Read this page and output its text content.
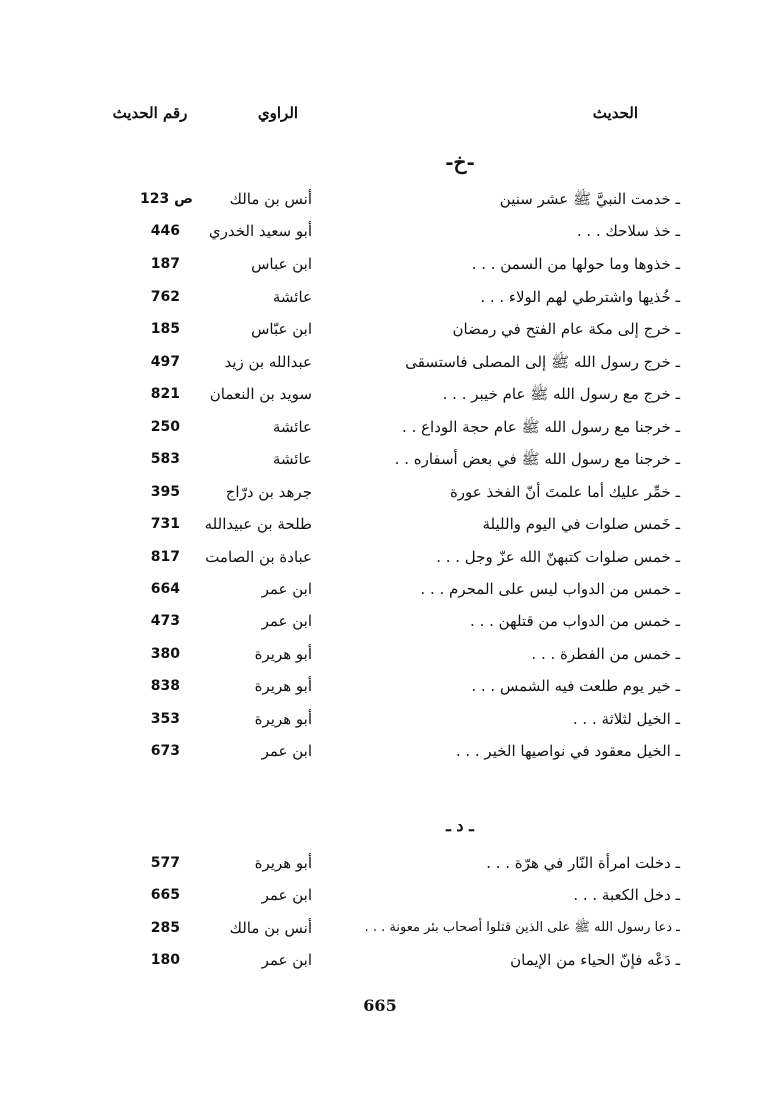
الحديث
الراوي
رقم الحديث
-خ-
ـ خدمت النبيَّ ﷺ عشر سنين
أنس بن مالك
ص 123
ـ خذ سلاحك . . .
أبو سعيد الخدري
446
ـ خذوها وما حولها من السمن . . .
ابن عباس
187
ـ خُذيها واشترطي لهم الولاء . . .
عائشة
762
ـ خرج إلى مكة عام الفتح في رمضان
ابن عبّاس
185
ـ خرج رسول الله ﷺ إلى المصلى فاستسقى
عبدالله بن زيد
497
ـ خرج مع رسول الله ﷺ عام خيبر . . .
سويد بن النعمان
821
ـ خرجنا مع رسول الله ﷺ عام حجة الوداع . .
عائشة
250
ـ خرجنا مع رسول الله ﷺ في بعض أسفاره . .
عائشة
583
ـ خمِّر عليك أما علمتَ أنّ الفخذ عورة
جرهد بن درّاج
395
ـ خَمس صلوات في اليوم والليلة
طلحة بن عبيدالله
731
ـ خمس صلوات كتبهنّ الله عزّ وجل . . .
عبادة بن الصامت
817
ـ خمس من الدواب ليس على المحرم . . .
ابن عمر
664
ـ خمس من الدواب من قتلهن . . .
ابن عمر
473
ـ خمس من الفطرة . . .
أبو هريرة
380
ـ خير يوم طلعت فيه الشمس . . .
أبو هريرة
838
ـ الخيل لثلاثة . . .
أبو هريرة
353
ـ الخيل معقود في نواصيها الخير . . .
ابن عمر
673
ـ د ـ
ـ دخلت امرأة النّار في هرّة . . .
أبو هريرة
577
ـ دخل الكعبة . . .
ابن عمر
665
ـ دعا رسول الله ﷺ على الذين قتلوا أصحاب بئر معونة . . .
أنس بن مالك
285
ـ دَعْه فإنّ الحياء من الإيمان
ابن عمر
180
665
